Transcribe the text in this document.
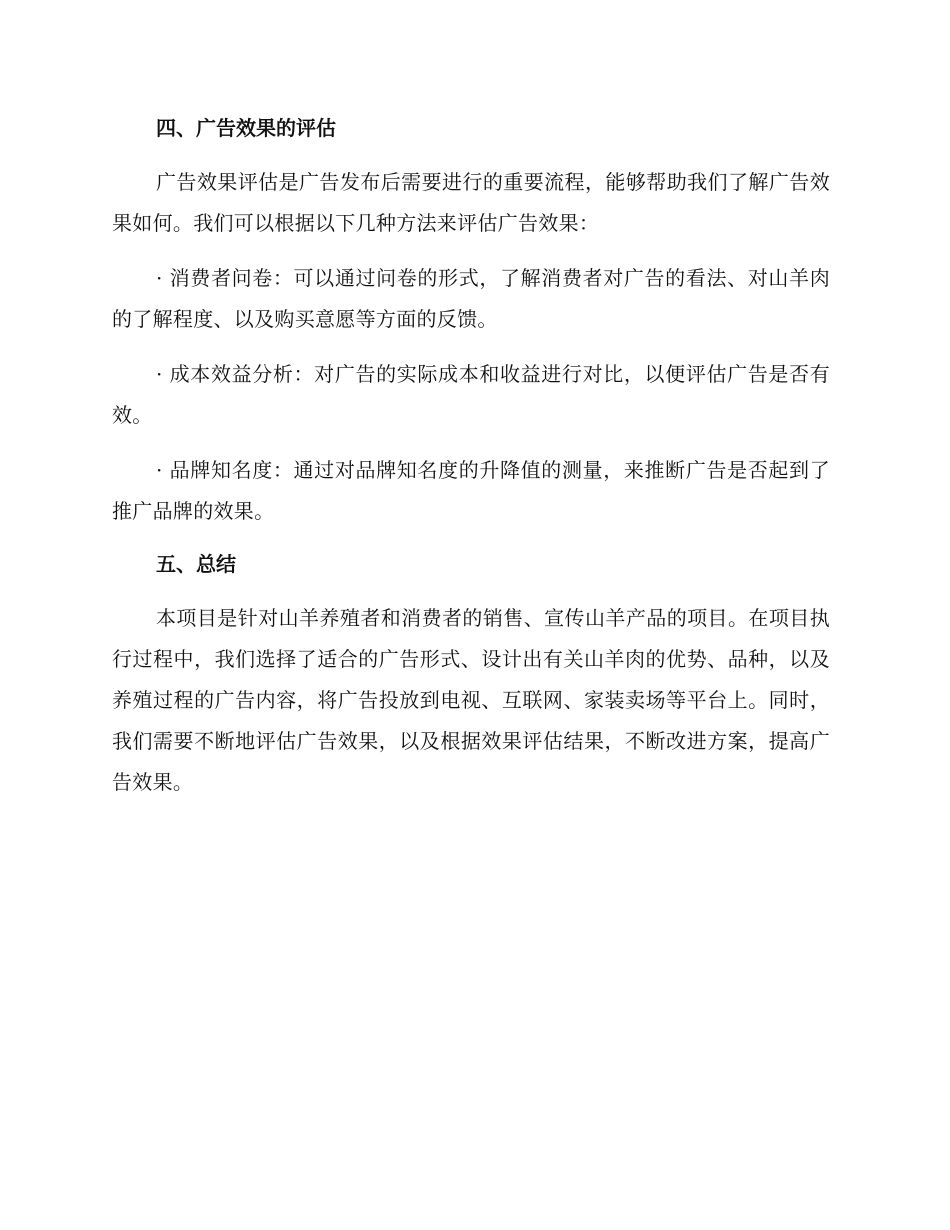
四、广告效果的评估

广告效果评估是广告发布后需要进行的重要流程，能够帮助我们了解广告效果如何。我们可以根据以下几种方法来评估广告效果：

· 消费者问卷：可以通过问卷的形式，了解消费者对广告的看法、对山羊肉的了解程度、以及购买意愿等方面的反馈。

· 成本效益分析：对广告的实际成本和收益进行对比，以便评估广告是否有效。

· 品牌知名度：通过对品牌知名度的升降值的测量，来推断广告是否起到了推广品牌的效果。

五、总结

本项目是针对山羊养殖者和消费者的销售、宣传山羊产品的项目。在项目执行过程中，我们选择了适合的广告形式、设计出有关山羊肉的优势、品种，以及养殖过程的广告内容，将广告投放到电视、互联网、家装卖场等平台上。同时，我们需要不断地评估广告效果，以及根据效果评估结果，不断改进方案，提高广告效果。
